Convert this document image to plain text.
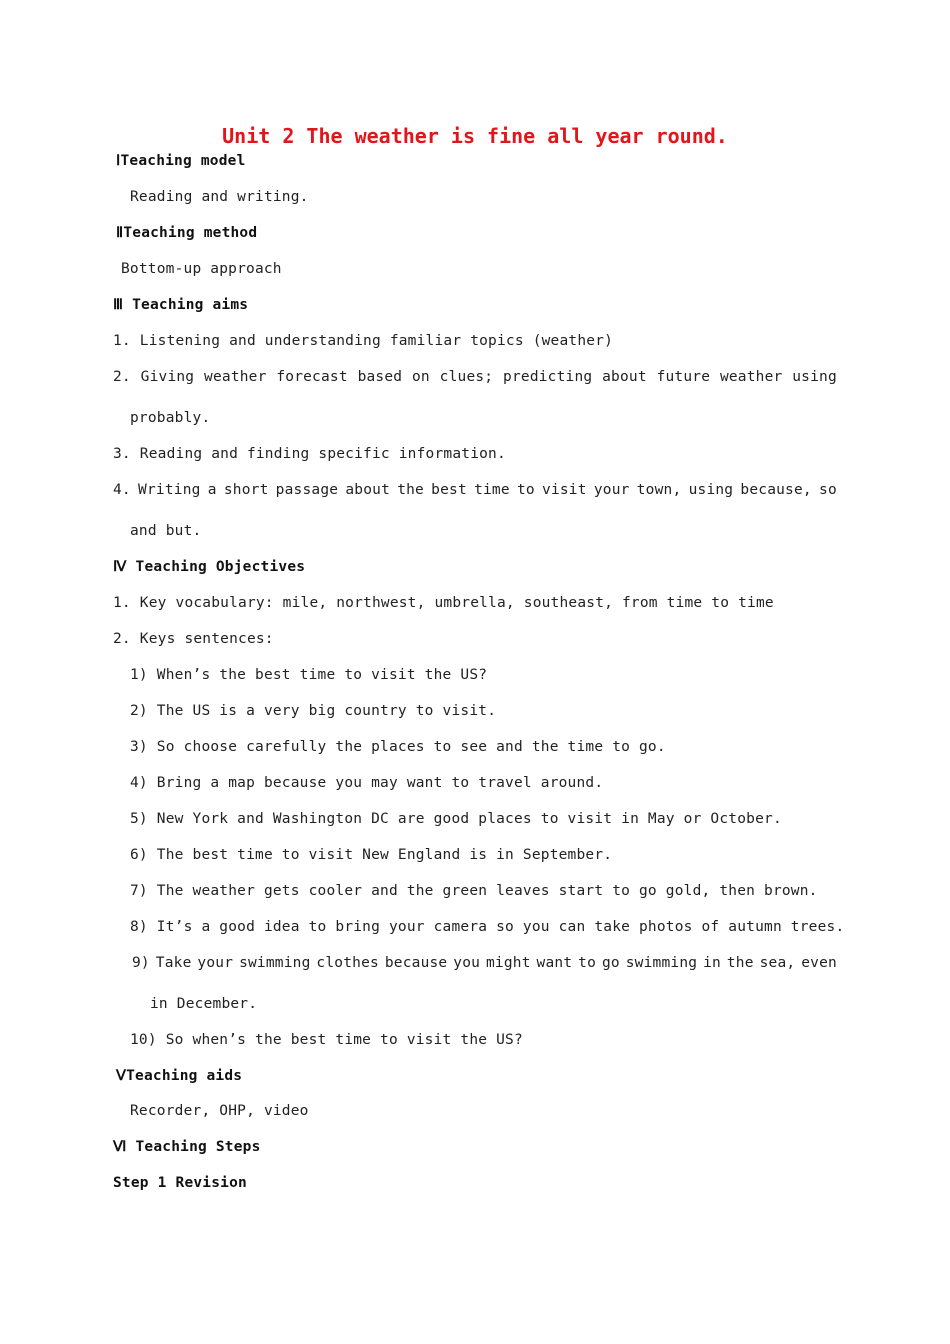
Unit 2 The weather is fine all year round.
ⅠTeaching model
Reading and writing.
ⅡTeaching method
Bottom-up approach
Ⅲ Teaching aims
1. Listening and understanding familiar topics (weather)
2. Giving weather forecast based on clues; predicting about future weather using
probably.
3. Reading and finding specific information.
4. Writing a short passage about the best time to visit your town, using because, so
and but.
Ⅳ Teaching Objectives
1. Key vocabulary: mile, northwest, umbrella, southeast, from time to time
2. Keys sentences:
1) When’s the best time to visit the US?
2) The US is a very big country to visit.
3) So choose carefully the places to see and the time to go.
4) Bring a map because you may want to travel around.
5) New York and Washington DC are good places to visit in May or October.
6) The best time to visit New England is in September.
7) The weather gets cooler and the green leaves start to go gold, then brown.
8) It’s a good idea to bring your camera so you can take photos of autumn trees.
9) Take your swimming clothes because you might want to go swimming in the sea, even
in December.
10) So when’s the best time to visit the US?
ⅤTeaching aids
Recorder, OHP, video
Ⅵ Teaching Steps
Step 1 Revision
